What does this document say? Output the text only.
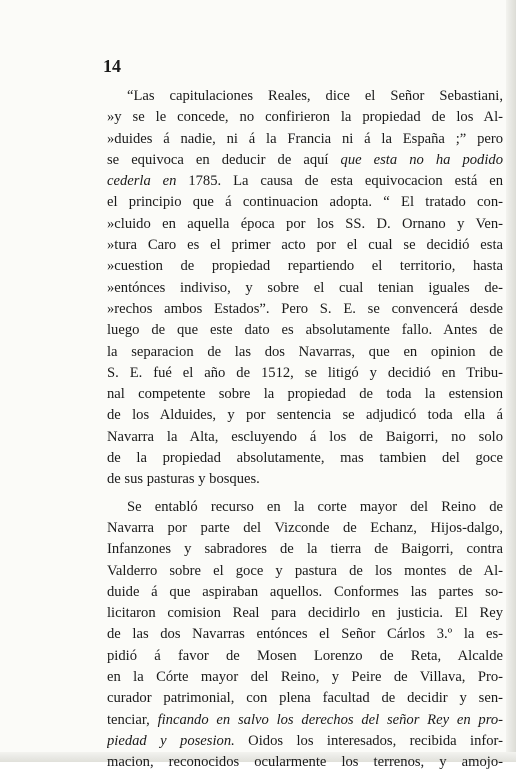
14
“Las capitulaciones Reales, dice el Señor Sebastiani,
»y se le concede, no confirieron la propiedad de los Al-
»duides á nadie, ni á la Francia ni á la España ;” pero
se equivoca en deducir de aquí que esta no ha podido
cederla en 1785. La causa de esta equivocacion está en
el principio que á continuacion adopta. “ El tratado con-
»cluido en aquella época por los SS. D. Ornano y Ven-
»tura Caro es el primer acto por el cual se decidió esta
»cuestion de propiedad repartiendo el territorio, hasta
»entónces indiviso, y sobre el cual tenian iguales de-
»rechos ambos Estados”. Pero S. E. se convencerá desde
luego de que este dato es absolutamente fallo. Antes de
la separacion de las dos Navarras, que en opinion de
S. E. fué el año de 1512, se litigó y decidió en Tribu-
nal competente sobre la propiedad de toda la estension
de los Alduides, y por sentencia se adjudicó toda ella á
Navarra la Alta, escluyendo á los de Baigorri, no solo
de la propiedad absolutamente, mas tambien del goce
de sus pasturas y bosques.
Se entabló recurso en la corte mayor del Reino de
Navarra por parte del Vizconde de Echanz, Hijos-dalgo,
Infanzones y sabradores de la tierra de Baigorri, contra
Valderro sobre el goce y pastura de los montes de Al-
duide á que aspiraban aquellos. Conformes las partes so-
licitaron comision Real para decidirlo en justicia. El Rey
de las dos Navarras entónces el Señor Cárlos 3.º la es-
pidió á favor de Mosen Lorenzo de Reta, Alcalde
en la Córte mayor del Reino, y Peire de Villava, Pro-
curador patrimonial, con plena facultad de decidir y sen-
tenciar, fincando en salvo los derechos del señor Rey en pro-
piedad y posesion. Oidos los interesados, recibida infor-
macion, reconocidos ocularmente los terrenos, y amojo-
